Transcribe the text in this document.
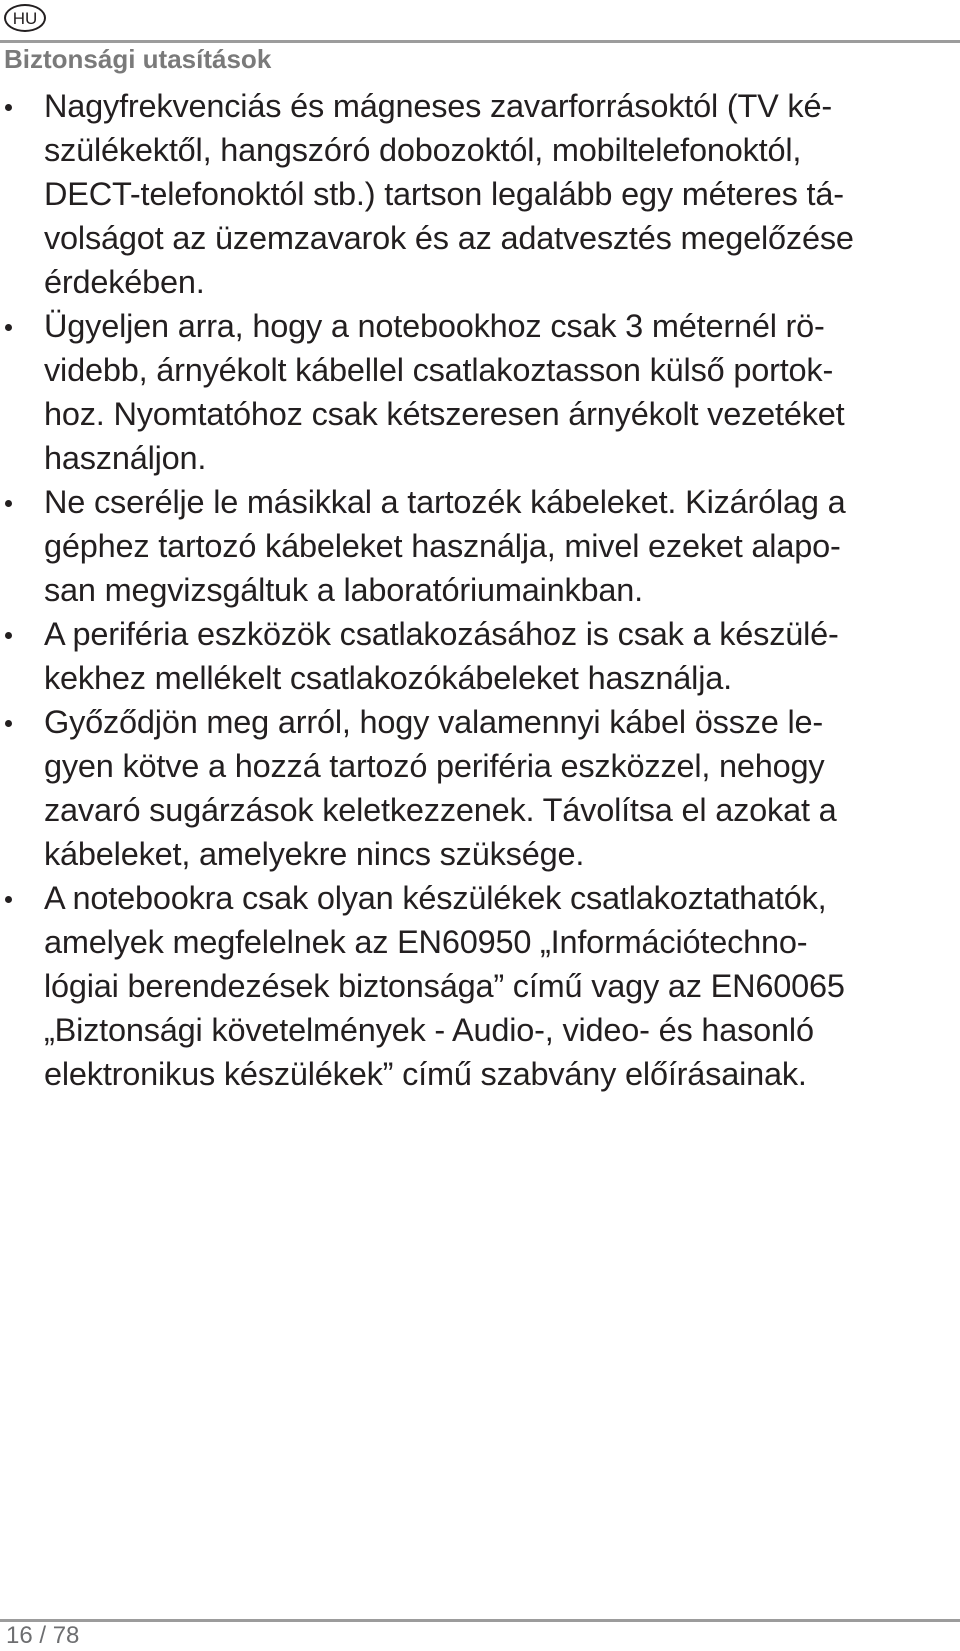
HU
Biztonsági utasítások
Nagyfrekvenciás és mágneses zavarforrásoktól (TV ké-
szülékektől, hangszóró dobozoktól, mobiltelefonoktól,
DECT-telefonoktól stb.) tartson legalább egy méteres tá-
volságot az üzemzavarok és az adatvesztés megelőzése
érdekében.
Ügyeljen arra, hogy a notebookhoz csak 3 méternél rö-
videbb, árnyékolt kábellel csatlakoztasson külső portok-
hoz. Nyomtatóhoz csak kétszeresen árnyékolt vezetéket
használjon.
Ne cserélje le másikkal a tartozék kábeleket. Kizárólag a
géphez tartozó kábeleket használja, mivel ezeket alapo-
san megvizsgáltuk a laboratóriumainkban.
A periféria eszközök csatlakozásához is csak a készülé-
kekhez mellékelt csatlakozókábeleket használja.
Győződjön meg arról, hogy valamennyi kábel össze le-
gyen kötve a hozzá tartozó periféria eszközzel, nehogy
zavaró sugárzások keletkezzenek. Távolítsa el azokat a
kábeleket, amelyekre nincs szüksége.
A notebookra csak olyan készülékek csatlakoztathatók,
amelyek megfelelnek az EN60950 „Információtechno-
lógiai berendezések biztonsága” című vagy az EN60065
„Biztonsági követelmények - Audio-, video- és hasonló
elektronikus készülékek” című szabvány előírásainak.
16 / 78
